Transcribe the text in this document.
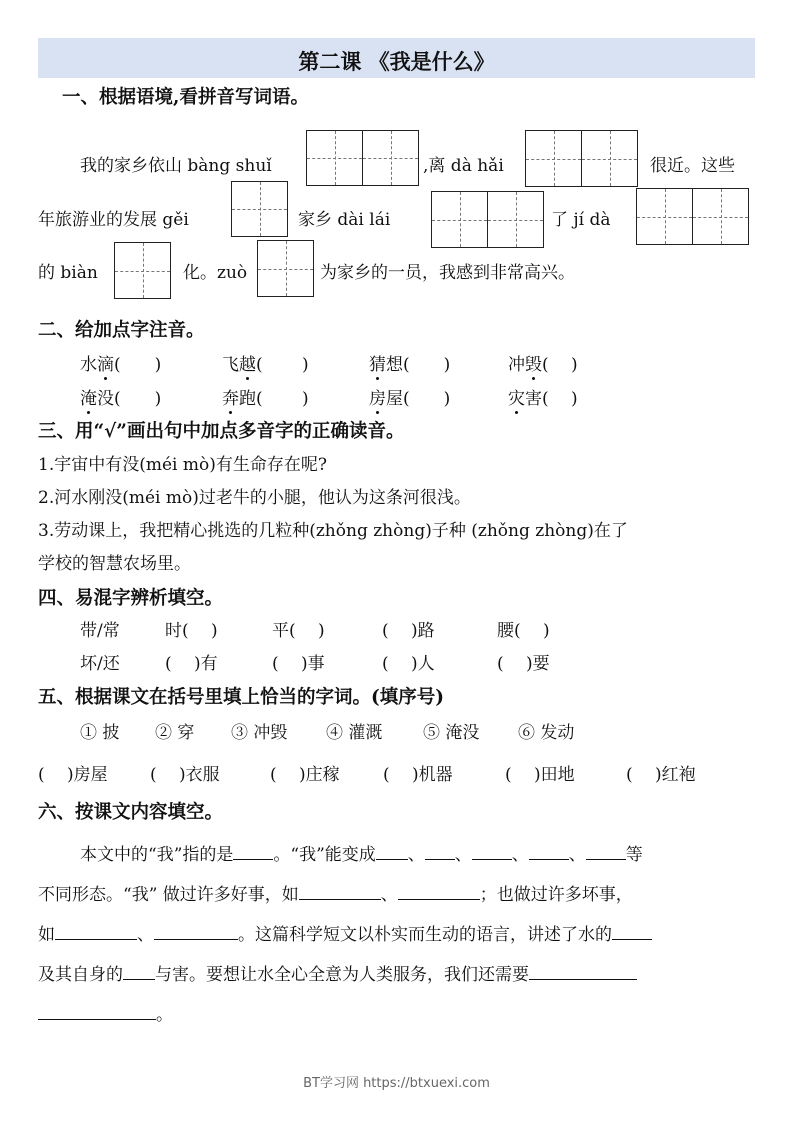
第二课 《我是什么》
一、根据语境,看拼音写词语。
我的家乡依山 bàng shuǐ	,离 dà hǎi	很近。这些
年旅游业的发展 gěi	家乡 dài lái	了 jí dà
的 biàn	化。zuò	为家乡的一员，我感到非常高兴。
二、给加点字注音。
水滴(　　)	飞越(　　 )	猜想(　　)	冲毁(　 )
淹没(　　)	奔跑(　　 )	房屋(　　)	灾害(　 )
三、用“√”画出句中加点多音字的正确读音。
1.宇宙中有没(méi mò)有生命存在呢?
2.河水刚没(méi mò)过老牛的小腿，他认为这条河很浅。
3.劳动课上，我把精心挑选的几粒种(zhǒng zhòng)子种 (zhǒng zhòng)在了
学校的智慧农场里。
四、易混字辨析填空。
带/常	时(　 )	平(　 )	(　 )路	腰(　 )
坏/还	(　 )有	(　 )事	(　 )人	(　 )要
五、根据课文在括号里填上恰当的字词。(填序号)
① 披 ② 穿 ③ 冲毁 ④ 灌溉 ⑤ 淹没 ⑥ 发动
(　 )房屋 (　 )衣服	(　 )庄稼	(　 )机器	(　 )田地	(　 )红袍
六、按课文内容填空。
本文中的“我”指的是 。“我”能变成 、 、 、 、 等
不同形态。“我” 做过许多好事，如	、	；也做过许多坏事，
如	、	。这篇科学短文以朴实而生动的语言，讲述了水的
及其自身的 与害。要想让水全心全意为人类服务，我们还需要
。
BT学习网 https://btxuexi.com
